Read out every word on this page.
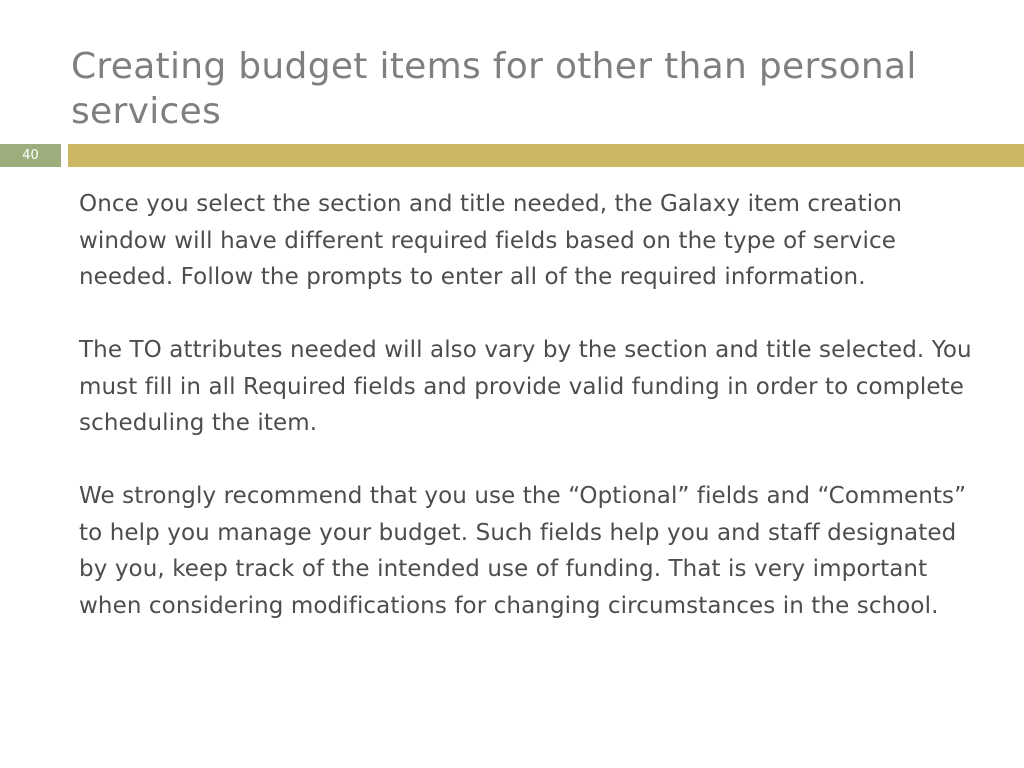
Creating budget items for other than personal services
40

Once you select the section and title needed, the Galaxy item creation window will have different required fields based on the type of service needed. Follow the prompts to enter all of the required information.

The TO attributes needed will also vary by the section and title selected. You must fill in all Required fields and provide valid funding in order to complete scheduling the item.

We strongly recommend that you use the “Optional” fields and “Comments” to help you manage your budget. Such fields help you and staff designated by you, keep track of the intended use of funding. That is very important when considering modifications for changing circumstances in the school.
